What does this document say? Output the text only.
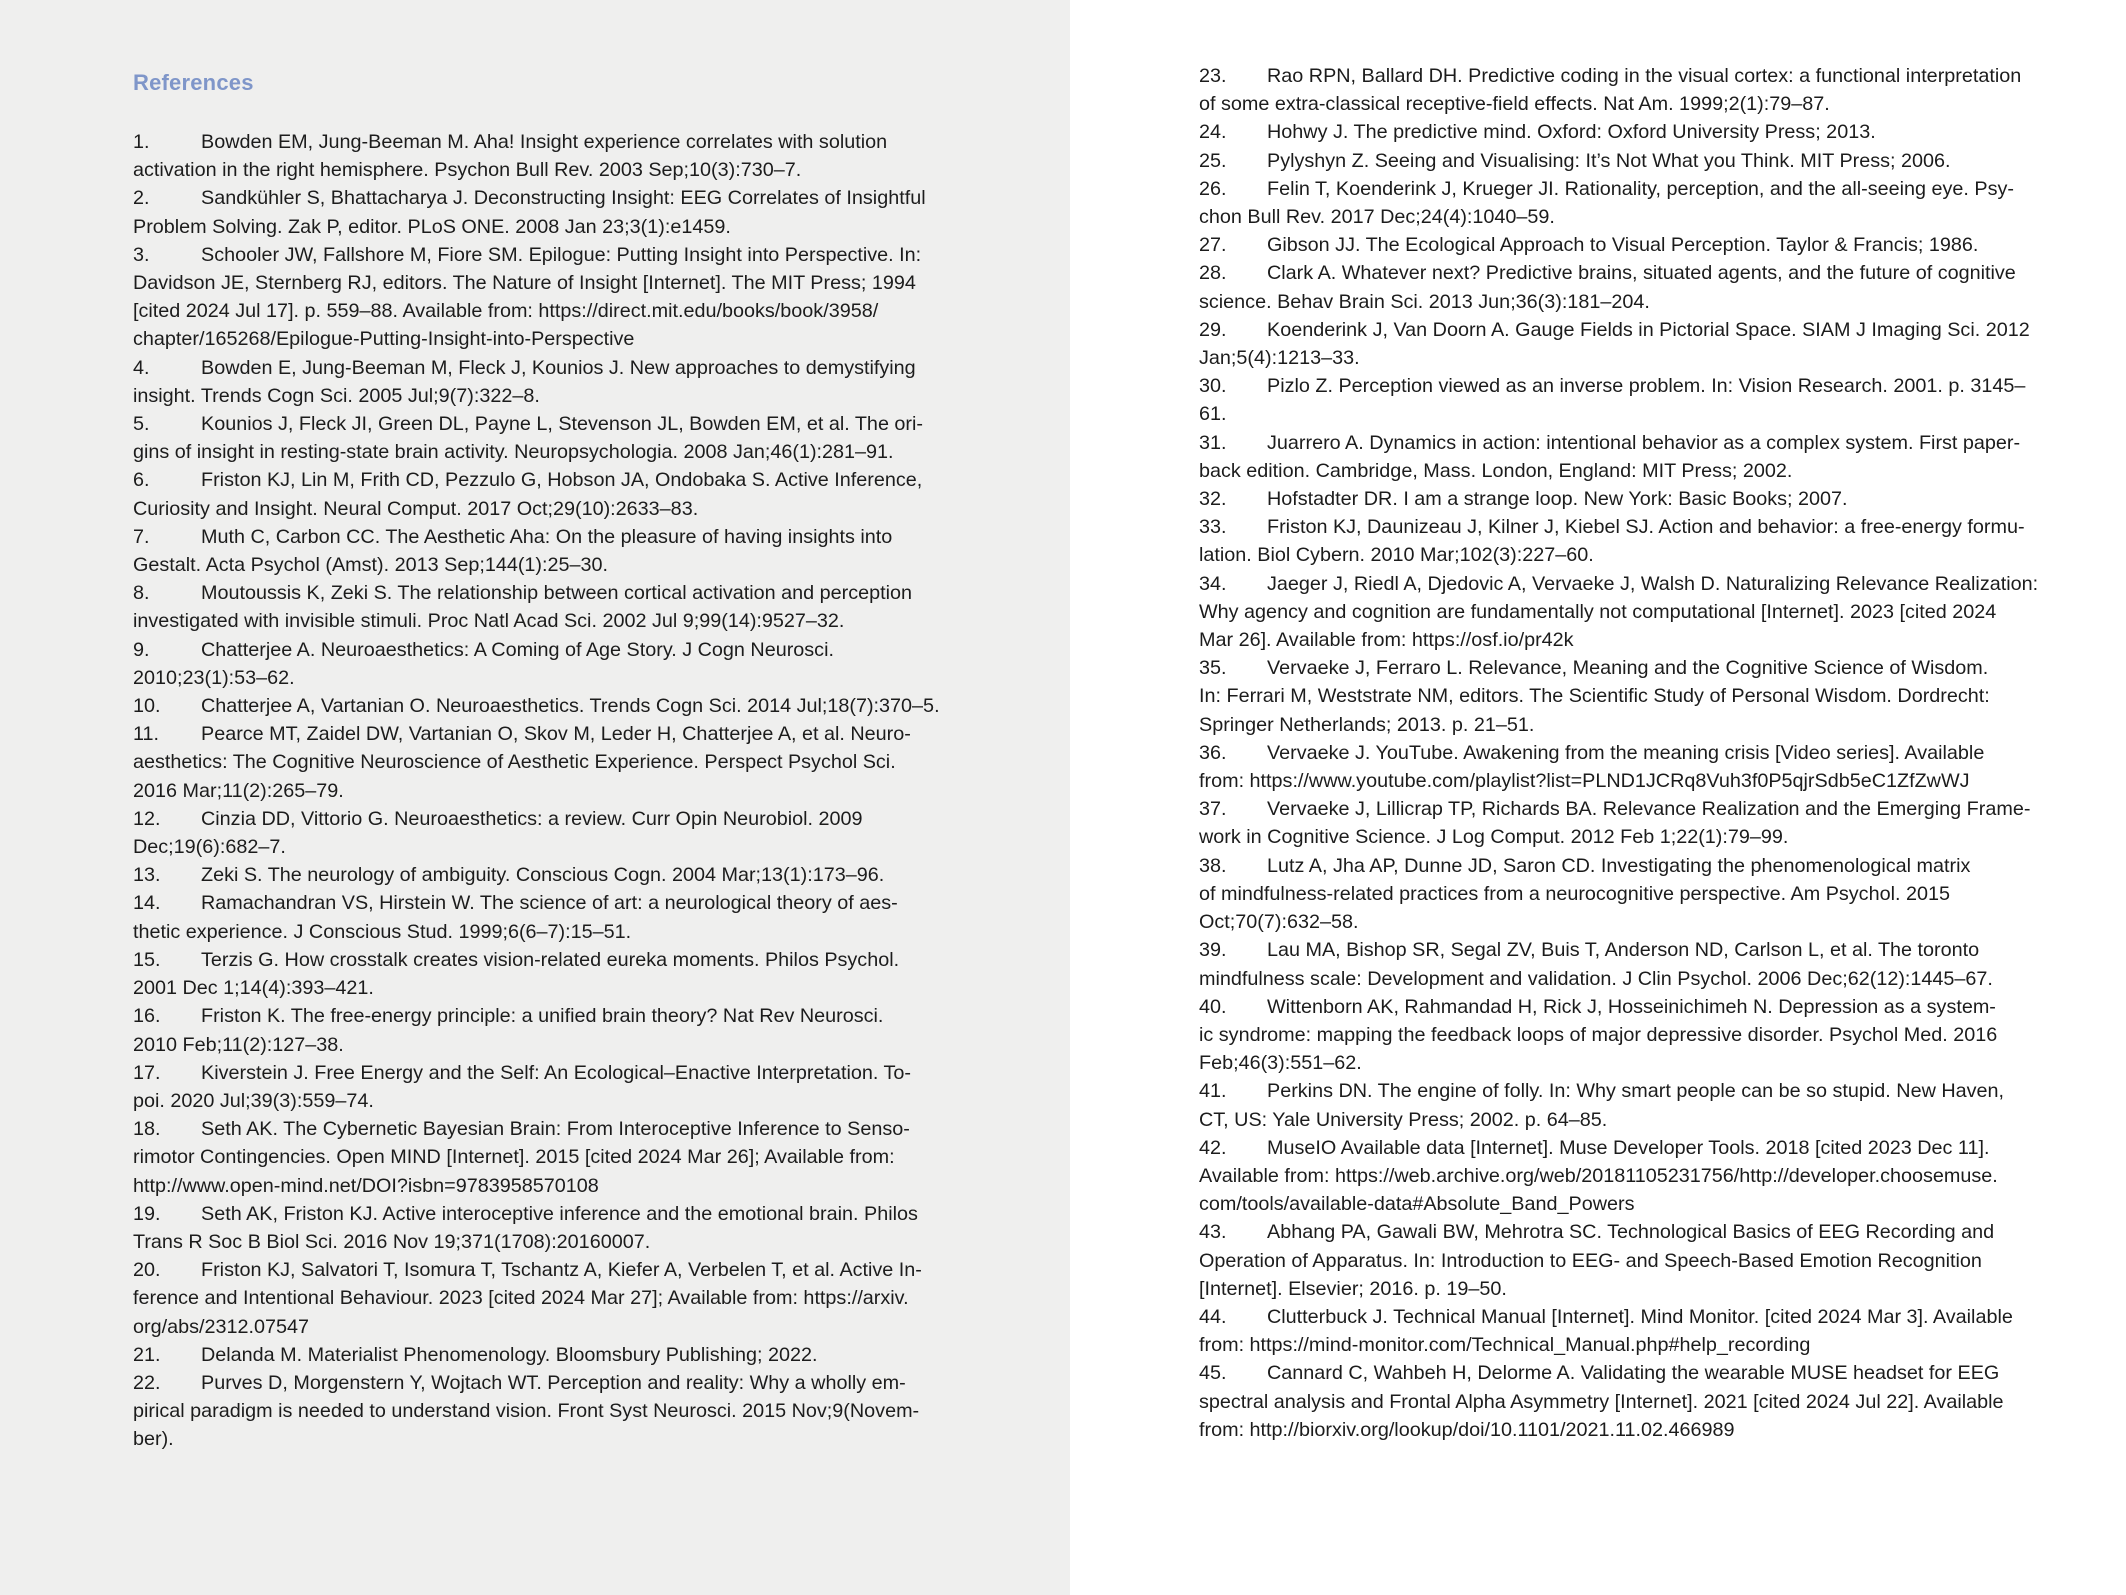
References

1.	Bowden EM, Jung-Beeman M. Aha! Insight experience correlates with solution
activation in the right hemisphere. Psychon Bull Rev. 2003 Sep;10(3):730–7.

2.	Sandkühler S, Bhattacharya J. Deconstructing Insight: EEG Correlates of Insightful
Problem Solving. Zak P, editor. PLoS ONE. 2008 Jan 23;3(1):e1459.

3.	Schooler JW, Fallshore M, Fiore SM. Epilogue: Putting Insight into Perspective. In:
Davidson JE, Sternberg RJ, editors. The Nature of Insight [Internet]. The MIT Press; 1994
[cited 2024 Jul 17]. p. 559–88. Available from: https://direct.mit.edu/books/book/3958/
chapter/165268/Epilogue-Putting-Insight-into-Perspective

4.	Bowden E, Jung-Beeman M, Fleck J, Kounios J. New approaches to demystifying
insight. Trends Cogn Sci. 2005 Jul;9(7):322–8.

5.	Kounios J, Fleck JI, Green DL, Payne L, Stevenson JL, Bowden EM, et al. The ori-
gins of insight in resting-state brain activity. Neuropsychologia. 2008 Jan;46(1):281–91.

6.	Friston KJ, Lin M, Frith CD, Pezzulo G, Hobson JA, Ondobaka S. Active Inference,
Curiosity and Insight. Neural Comput. 2017 Oct;29(10):2633–83.

7.	Muth C, Carbon CC. The Aesthetic Aha: On the pleasure of having insights into
Gestalt. Acta Psychol (Amst). 2013 Sep;144(1):25–30.

8.	Moutoussis K, Zeki S. The relationship between cortical activation and perception
investigated with invisible stimuli. Proc Natl Acad Sci. 2002 Jul 9;99(14):9527–32.

9.	Chatterjee A. Neuroaesthetics: A Coming of Age Story. J Cogn Neurosci.
2010;23(1):53–62.

10. Chatterjee A, Vartanian O. Neuroaesthetics. Trends Cogn Sci. 2014 Jul;18(7):370–5.

11. Pearce MT, Zaidel DW, Vartanian O, Skov M, Leder H, Chatterjee A, et al. Neuro-
aesthetics: The Cognitive Neuroscience of Aesthetic Experience. Perspect Psychol Sci.
2016 Mar;11(2):265–79.

12. Cinzia DD, Vittorio G. Neuroaesthetics: a review. Curr Opin Neurobiol. 2009
Dec;19(6):682–7.

13. Zeki S. The neurology of ambiguity. Conscious Cogn. 2004 Mar;13(1):173–96.

14. Ramachandran VS, Hirstein W. The science of art: a neurological theory of aes-
thetic experience. J Conscious Stud. 1999;6(6–7):15–51.

15. Terzis G. How crosstalk creates vision-related eureka moments. Philos Psychol.
2001 Dec 1;14(4):393–421.

16. Friston K. The free-energy principle: a unified brain theory? Nat Rev Neurosci.
2010 Feb;11(2):127–38.

17. Kiverstein J. Free Energy and the Self: An Ecological–Enactive Interpretation. To-
poi. 2020 Jul;39(3):559–74.

18. Seth AK. The Cybernetic Bayesian Brain: From Interoceptive Inference to Senso-
rimotor Contingencies. Open MIND [Internet]. 2015 [cited 2024 Mar 26]; Available from:
http://www.open-mind.net/DOI?isbn=9783958570108

19. Seth AK, Friston KJ. Active interoceptive inference and the emotional brain. Philos
Trans R Soc B Biol Sci. 2016 Nov 19;371(1708):20160007.

20. Friston KJ, Salvatori T, Isomura T, Tschantz A, Kiefer A, Verbelen T, et al. Active In-
ference and Intentional Behaviour. 2023 [cited 2024 Mar 27]; Available from: https://arxiv.
org/abs/2312.07547

21. Delanda M. Materialist Phenomenology. Bloomsbury Publishing; 2022.

22. Purves D, Morgenstern Y, Wojtach WT. Perception and reality: Why a wholly em-
pirical paradigm is needed to understand vision. Front Syst Neurosci. 2015 Nov;9(Novem-
ber).

23. Rao RPN, Ballard DH. Predictive coding in the visual cortex: a functional interpretation
of some extra-classical receptive-field effects. Nat Am. 1999;2(1):79–87.

24. Hohwy J. The predictive mind. Oxford: Oxford University Press; 2013.

25. Pylyshyn Z. Seeing and Visualising: It’s Not What you Think. MIT Press; 2006.

26. Felin T, Koenderink J, Krueger JI. Rationality, perception, and the all-seeing eye. Psy-
chon Bull Rev. 2017 Dec;24(4):1040–59.

27. Gibson JJ. The Ecological Approach to Visual Perception. Taylor & Francis; 1986.

28. Clark A. Whatever next? Predictive brains, situated agents, and the future of cognitive
science. Behav Brain Sci. 2013 Jun;36(3):181–204.

29. Koenderink J, Van Doorn A. Gauge Fields in Pictorial Space. SIAM J Imaging Sci. 2012
Jan;5(4):1213–33.

30. Pizlo Z. Perception viewed as an inverse problem. In: Vision Research. 2001. p. 3145–
61.

31. Juarrero A. Dynamics in action: intentional behavior as a complex system. First paper-
back edition. Cambridge, Mass. London, England: MIT Press; 2002.

32. Hofstadter DR. I am a strange loop. New York: Basic Books; 2007.

33. Friston KJ, Daunizeau J, Kilner J, Kiebel SJ. Action and behavior: a free-energy formu-
lation. Biol Cybern. 2010 Mar;102(3):227–60.

34. Jaeger J, Riedl A, Djedovic A, Vervaeke J, Walsh D. Naturalizing Relevance Realization:
Why agency and cognition are fundamentally not computational [Internet]. 2023 [cited 2024
Mar 26]. Available from: https://osf.io/pr42k

35. Vervaeke J, Ferraro L. Relevance, Meaning and the Cognitive Science of Wisdom.
In: Ferrari M, Weststrate NM, editors. The Scientific Study of Personal Wisdom. Dordrecht:
Springer Netherlands; 2013. p. 21–51.

36. Vervaeke J. YouTube. Awakening from the meaning crisis [Video series]. Available
from: https://www.youtube.com/playlist?list=PLND1JCRq8Vuh3f0P5qjrSdb5eC1ZfZwWJ

37. Vervaeke J, Lillicrap TP, Richards BA. Relevance Realization and the Emerging Frame-
work in Cognitive Science. J Log Comput. 2012 Feb 1;22(1):79–99.

38. Lutz A, Jha AP, Dunne JD, Saron CD. Investigating the phenomenological matrix
of mindfulness-related practices from a neurocognitive perspective. Am Psychol. 2015
Oct;70(7):632–58.

39. Lau MA, Bishop SR, Segal ZV, Buis T, Anderson ND, Carlson L, et al. The toronto
mindfulness scale: Development and validation. J Clin Psychol. 2006 Dec;62(12):1445–67.

40. Wittenborn AK, Rahmandad H, Rick J, Hosseinichimeh N. Depression as a system-
ic syndrome: mapping the feedback loops of major depressive disorder. Psychol Med. 2016
Feb;46(3):551–62.

41. Perkins DN. The engine of folly. In: Why smart people can be so stupid. New Haven,
CT, US: Yale University Press; 2002. p. 64–85.

42. MuseIO Available data [Internet]. Muse Developer Tools. 2018 [cited 2023 Dec 11].
Available from: https://web.archive.org/web/20181105231756/http://developer.choosemuse.
com/tools/available-data#Absolute_Band_Powers

43. Abhang PA, Gawali BW, Mehrotra SC. Technological Basics of EEG Recording and
Operation of Apparatus. In: Introduction to EEG- and Speech-Based Emotion Recognition
[Internet]. Elsevier; 2016. p. 19–50.

44. Clutterbuck J. Technical Manual [Internet]. Mind Monitor. [cited 2024 Mar 3]. Available
from: https://mind-monitor.com/Technical_Manual.php#help_recording

45. Cannard C, Wahbeh H, Delorme A. Validating the wearable MUSE headset for EEG
spectral analysis and Frontal Alpha Asymmetry [Internet]. 2021 [cited 2024 Jul 22]. Available
from: http://biorxiv.org/lookup/doi/10.1101/2021.11.02.466989
